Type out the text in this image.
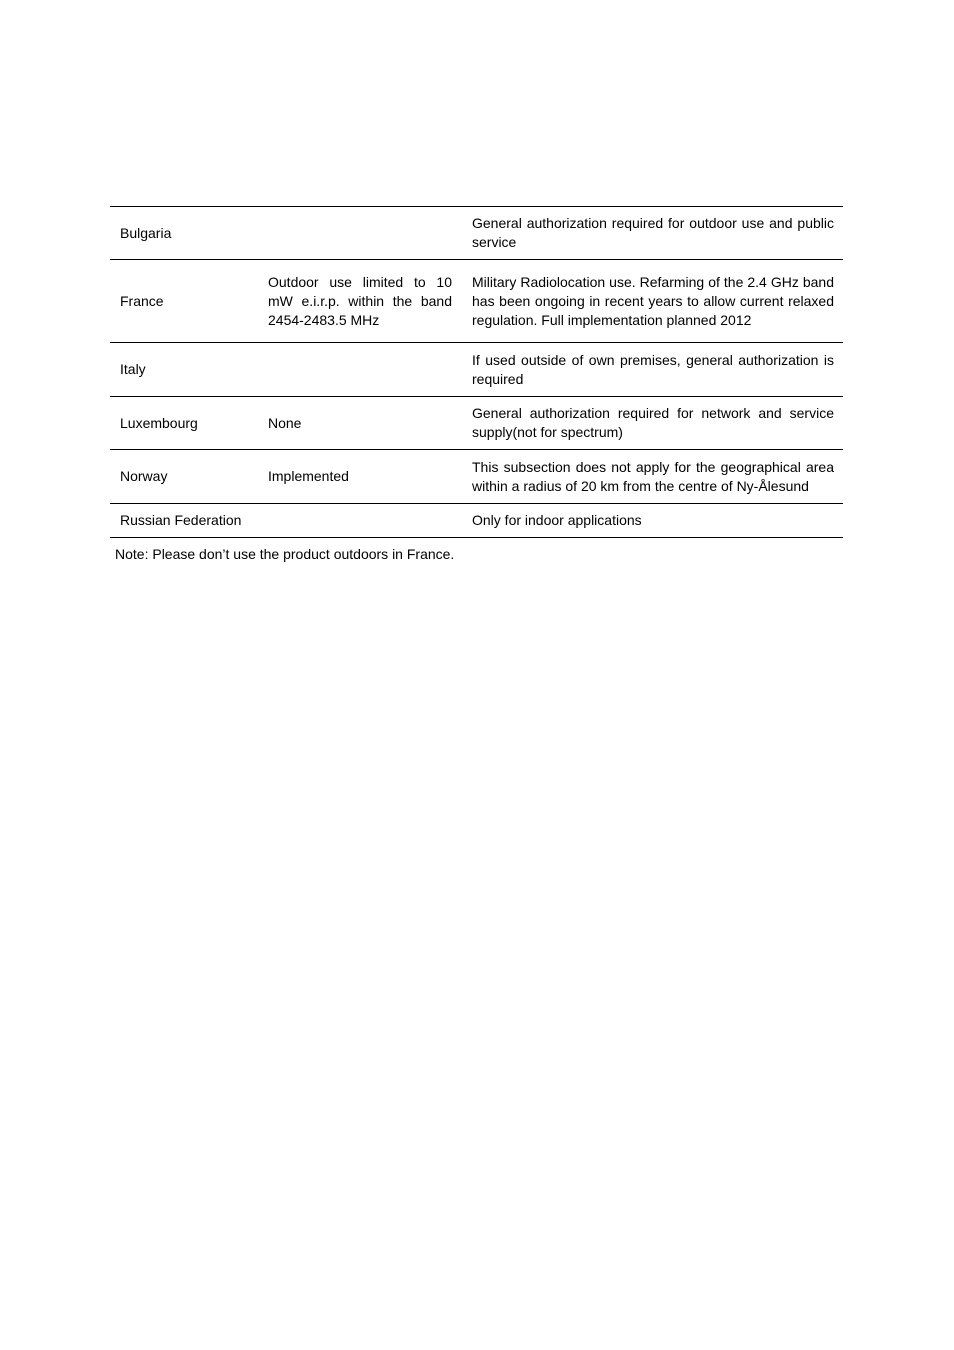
Bulgaria		General authorization required for outdoor use and public service
France	Outdoor use limited to 10 mW e.i.r.p. within the band 2454-2483.5 MHz	Military Radiolocation use. Refarming of the 2.4 GHz band has been ongoing in recent years to allow current relaxed regulation. Full implementation planned 2012
Italy		If used outside of own premises, general authorization is required
Luxembourg	None	General authorization required for network and service supply(not for spectrum)
Norway	Implemented	This subsection does not apply for the geographical area within a radius of 20 km from the centre of Ny-Ålesund
Russian Federation		Only for indoor applications
Note: Please don’t use the product outdoors in France.
